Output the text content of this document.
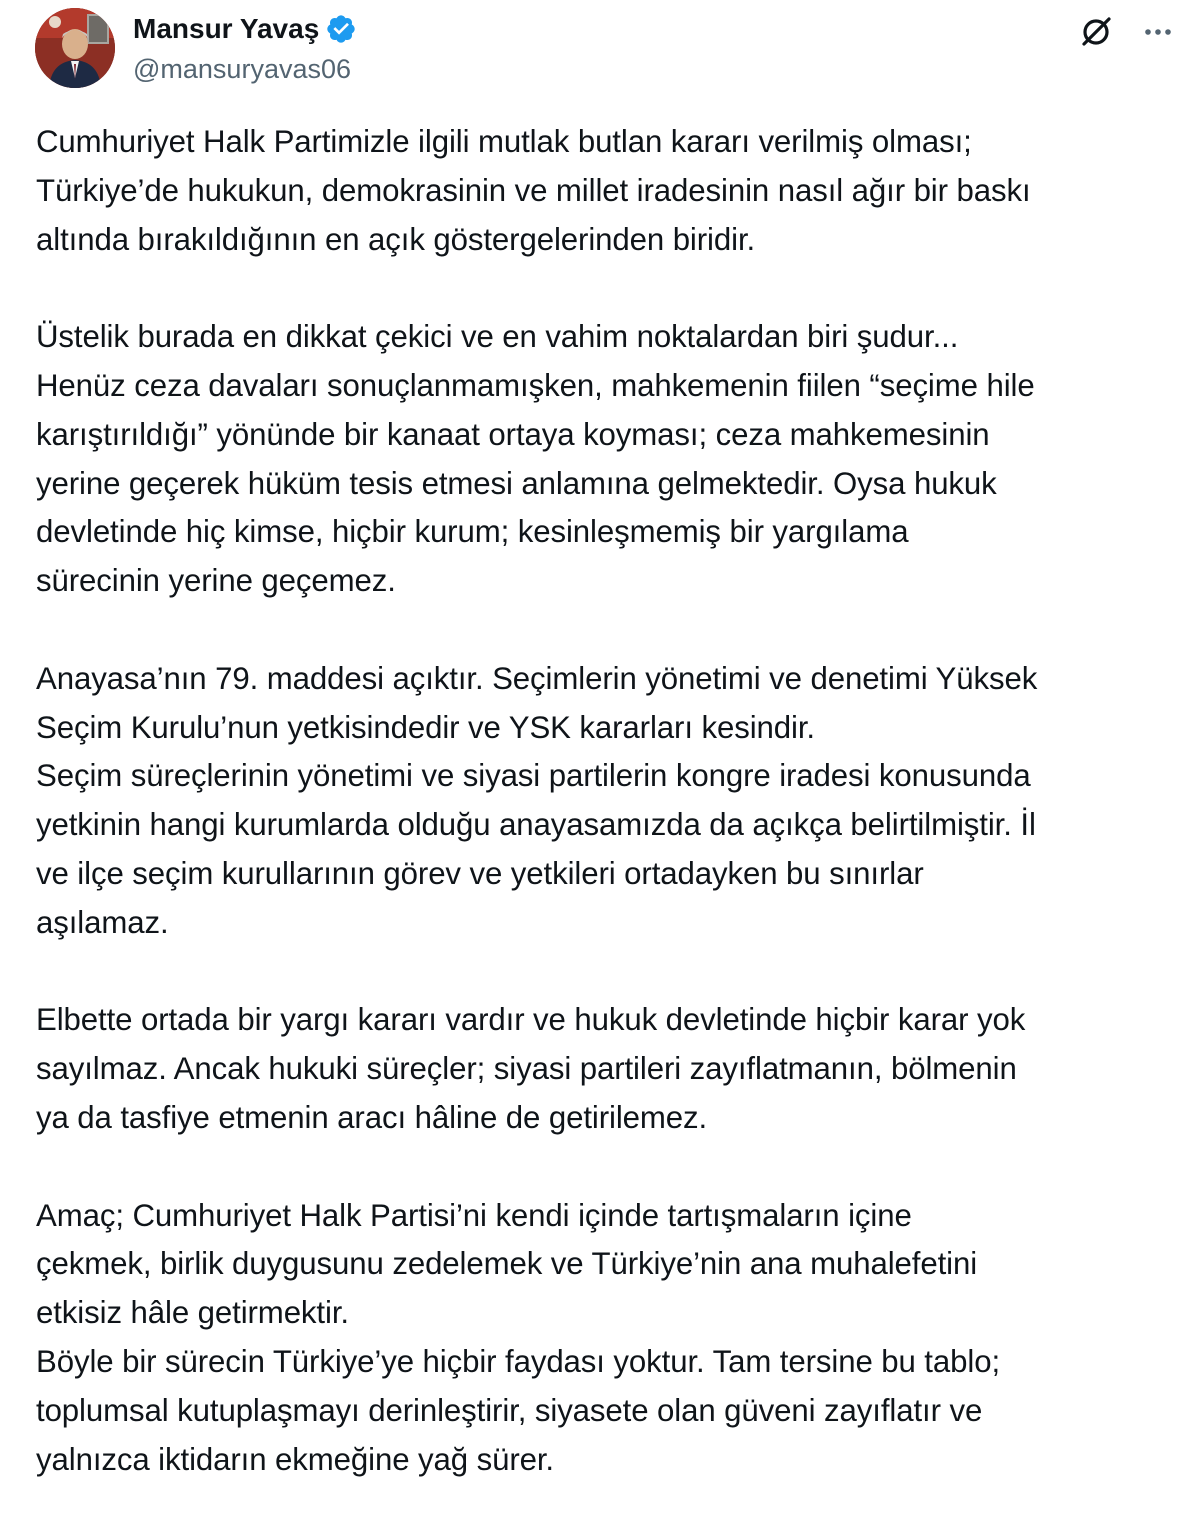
Mansur Yavaş
@mansuryavas06

Cumhuriyet Halk Partimizle ilgili mutlak butlan kararı verilmiş olması;
Türkiye’de hukukun, demokrasinin ve millet iradesinin nasıl ağır bir baskı
altında bırakıldığının en açık göstergelerinden biridir.

Üstelik burada en dikkat çekici ve en vahim noktalardan biri şudur...
Henüz ceza davaları sonuçlanmamışken, mahkemenin fiilen “seçime hile
karıştırıldığı” yönünde bir kanaat ortaya koyması; ceza mahkemesinin
yerine geçerek hüküm tesis etmesi anlamına gelmektedir. Oysa hukuk
devletinde hiç kimse, hiçbir kurum; kesinleşmemiş bir yargılama
sürecinin yerine geçemez.

Anayasa’nın 79. maddesi açıktır. Seçimlerin yönetimi ve denetimi Yüksek
Seçim Kurulu’nun yetkisindedir ve YSK kararları kesindir.
Seçim süreçlerinin yönetimi ve siyasi partilerin kongre iradesi konusunda
yetkinin hangi kurumlarda olduğu anayasamızda da açıkça belirtilmiştir. İl
ve ilçe seçim kurullarının görev ve yetkileri ortadayken bu sınırlar
aşılamaz.

Elbette ortada bir yargı kararı vardır ve hukuk devletinde hiçbir karar yok
sayılmaz. Ancak hukuki süreçler; siyasi partileri zayıflatmanın, bölmenin
ya da tasfiye etmenin aracı hâline de getirilemez.

Amaç; Cumhuriyet Halk Partisi’ni kendi içinde tartışmaların içine
çekmek, birlik duygusunu zedelemek ve Türkiye’nin ana muhalefetini
etkisiz hâle getirmektir.
Böyle bir sürecin Türkiye’ye hiçbir faydası yoktur. Tam tersine bu tablo;
toplumsal kutuplaşmayı derinleştirir, siyasete olan güveni zayıflatır ve
yalnızca iktidarın ekmeğine yağ sürer.
